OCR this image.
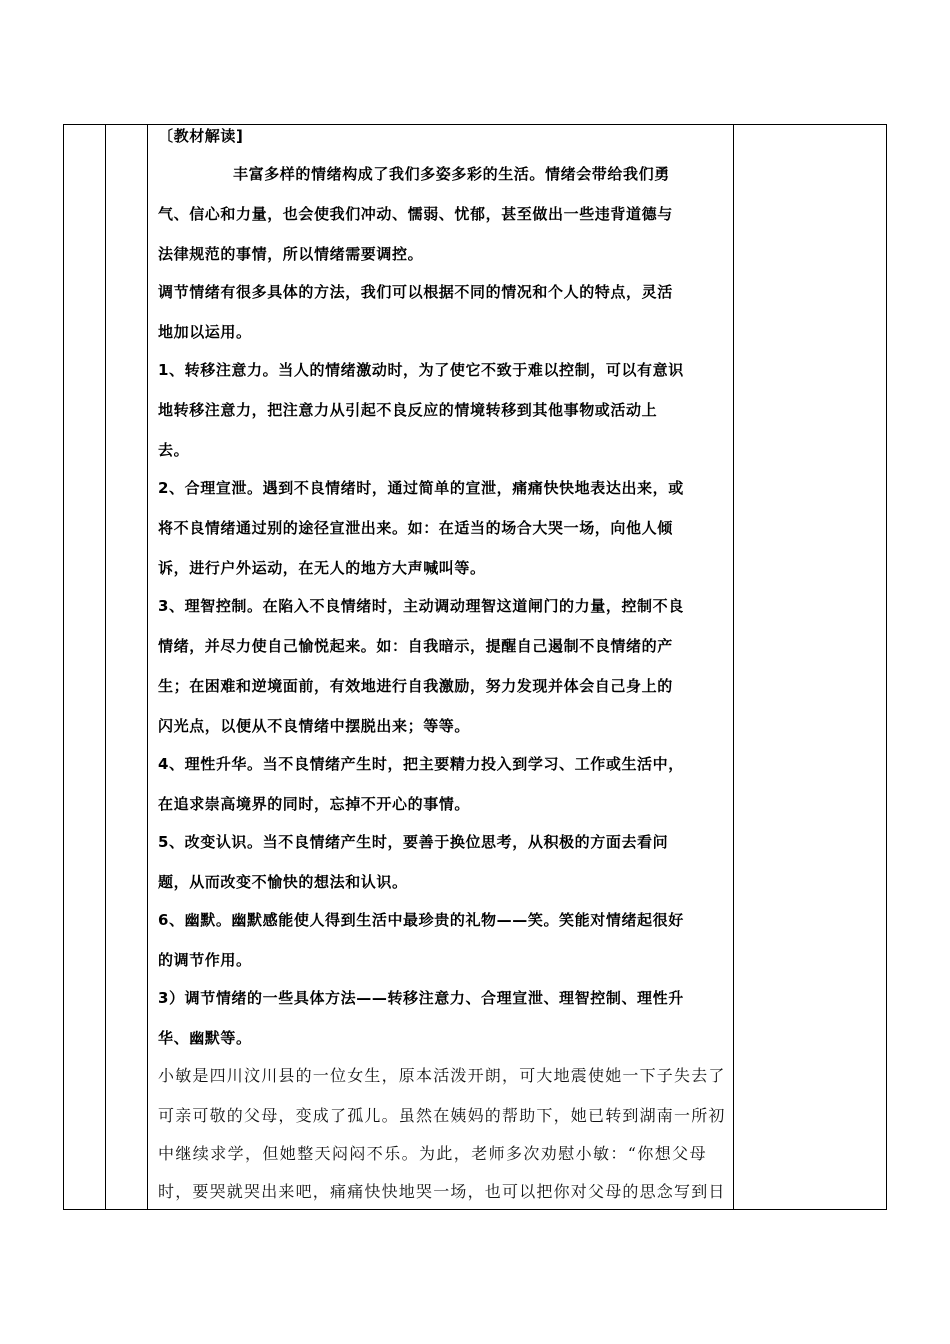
〔教材解读]
丰富多样的情绪构成了我们多姿多彩的生活。情绪会带给我们勇
气、信心和力量，也会使我们冲动、懦弱、忧郁，甚至做出一些违背道德与
法律规范的事情，所以情绪需要调控。
调节情绪有很多具体的方法，我们可以根据不同的情况和个人的特点，灵活
地加以运用。
1、转移注意力。当人的情绪激动时，为了使它不致于难以控制，可以有意识
地转移注意力，把注意力从引起不良反应的情境转移到其他事物或活动上
去。
2、合理宣泄。遇到不良情绪时，通过简单的宣泄，痛痛快快地表达出来，或
将不良情绪通过别的途径宣泄出来。如：在适当的场合大哭一场，向他人倾
诉，进行户外运动，在无人的地方大声喊叫等。
3、理智控制。在陷入不良情绪时，主动调动理智这道闸门的力量，控制不良
情绪，并尽力使自己愉悦起来。如：自我暗示，提醒自己遏制不良情绪的产
生；在困难和逆境面前，有效地进行自我激励，努力发现并体会自己身上的
闪光点，以便从不良情绪中摆脱出来；等等。
4、理性升华。当不良情绪产生时，把主要精力投入到学习、工作或生活中，
在追求崇高境界的同时，忘掉不开心的事情。
5、改变认识。当不良情绪产生时，要善于换位思考，从积极的方面去看问
题，从而改变不愉快的想法和认识。
6、幽默。幽默感能使人得到生活中最珍贵的礼物——笑。笑能对情绪起很好
的调节作用。
3）调节情绪的一些具体方法——转移注意力、合理宣泄、理智控制、理性升
华、幽默等。
小敏是四川汶川县的一位女生，原本活泼开朗，可大地震使她一下子失去了
可亲可敬的父母，变成了孤儿。虽然在姨妈的帮助下，她已转到湖南一所初
中继续求学，但她整天闷闷不乐。为此，老师多次劝慰小敏：“你想父母
时，要哭就哭出来吧，痛痛快快地哭一场，也可以把你对父母的思念写到日
